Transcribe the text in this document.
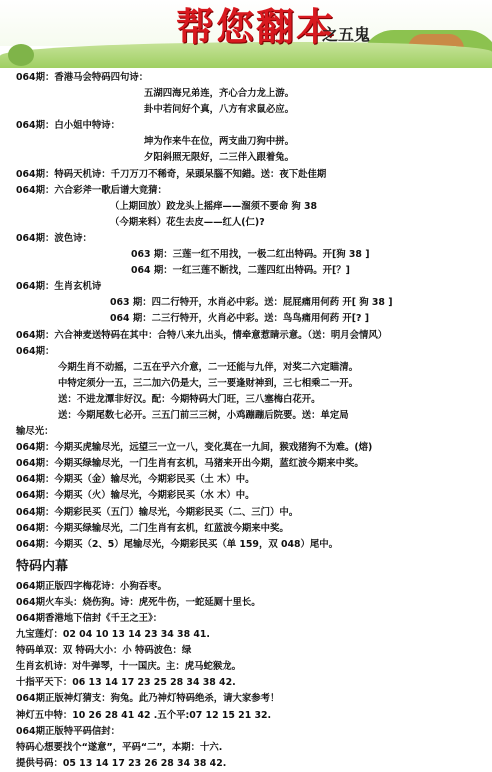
帮您翻本
之五鬼
064期：香港马会特码四句诗：
五湖四海兄弟连，齐心合力龙上游。
卦中若问好个真，八方有求鼠必应。
064期：白小姐中特诗：
坤为作来牛在位，两支曲刀狗中拼。
夕阳斜照无限好，二三伴入跟着兔。
064期：特码天机诗：千刀万刀不稀奇，呆頭呆腦不知錯。送：夜下赴佳期
064期：六合彩斧一歌后谱大竞猜：
（上期回放）跤龙头上摇痒——溜须不要命 狗 38
（今期来料）花生去皮——红人(仁)?
064期：波色诗：
063 期：三莲一红不用找，一极二红出特码。开[狗 38 ]
064 期：一红三莲不断找，二莲四红出特码。开[？]
064期：生肖玄机诗
063 期：四二行特开，水肖必中彩。送：屁屁痛用何药 开[ 狗 38 ]
064 期：二三行特开，火肖必中彩。送：鸟鸟痛用何药 开[? ]
064期：六合神麦送特码在其中：合特八来九出头，情牵意惹睛示意。（送：明月会情风）
064期：
今期生肖不动摇，二五在乎六介意，二一还能与九伴，对奖二六定瞄清。
中特定须分一五，三二加六仍是大，三一要逢财神到，三七相乘二一开。
送：不进龙潭非好汉。配：今期特码大门旺，三八塞梅白花开。
送：今期尾数七必开。三五门前三三树，小鸡蹦蹦后院要。送：单定局
输尽光：
064期：今期买虎输尽光，远望三一立一八，变化莫在一九间，猴戏猪狗不为难。(熔)
064期：今期买绿输尽光，一门生肖有玄机，马猪来开出今期，蓝红波今期来中奖。
064期：今期买（金）输尽光，今期彩民买（土 木）中。
064期：今期买（火）输尽光，今期彩民买（水 木）中。
064期：今期彩民买（五门）输尽光，今期彩民买（二、三门）中。
064期：今期买绿输尽光，二门生肖有玄机，红蓝波今期来中奖。
064期：今期买（2、5）尾输尽光，今期彩民买（单 159，双 048）尾中。
特码内幕
064期正版四字梅花诗：小狗吞枣。
064期火车头：烧伤狗。诗：虎死牛伤，一蛇延厕十里长。
064期香港地下信封《千王之王》：
九宝莲灯：02 04 10 13 14 23 34 38 41.
特码单双：双 特码大小：小 特码波色：绿
生肖玄机诗：对牛弹琴，十一国庆。主：虎马蛇猴龙。
十指平天下：06 13 14 17 23 25 28 34 38 42.
064期正版神灯猜支：狗兔。此乃神灯特码绝杀，请大家参考！
神灯五中特：10 26 28 41 42 .五个平:07 12 15 21 32.
064期正版特平码信封：
特码心想要找个“遂意”，平码“二”，本期：十六.
提供号码：05 13 14 17 23 26 28 34 38 42.
